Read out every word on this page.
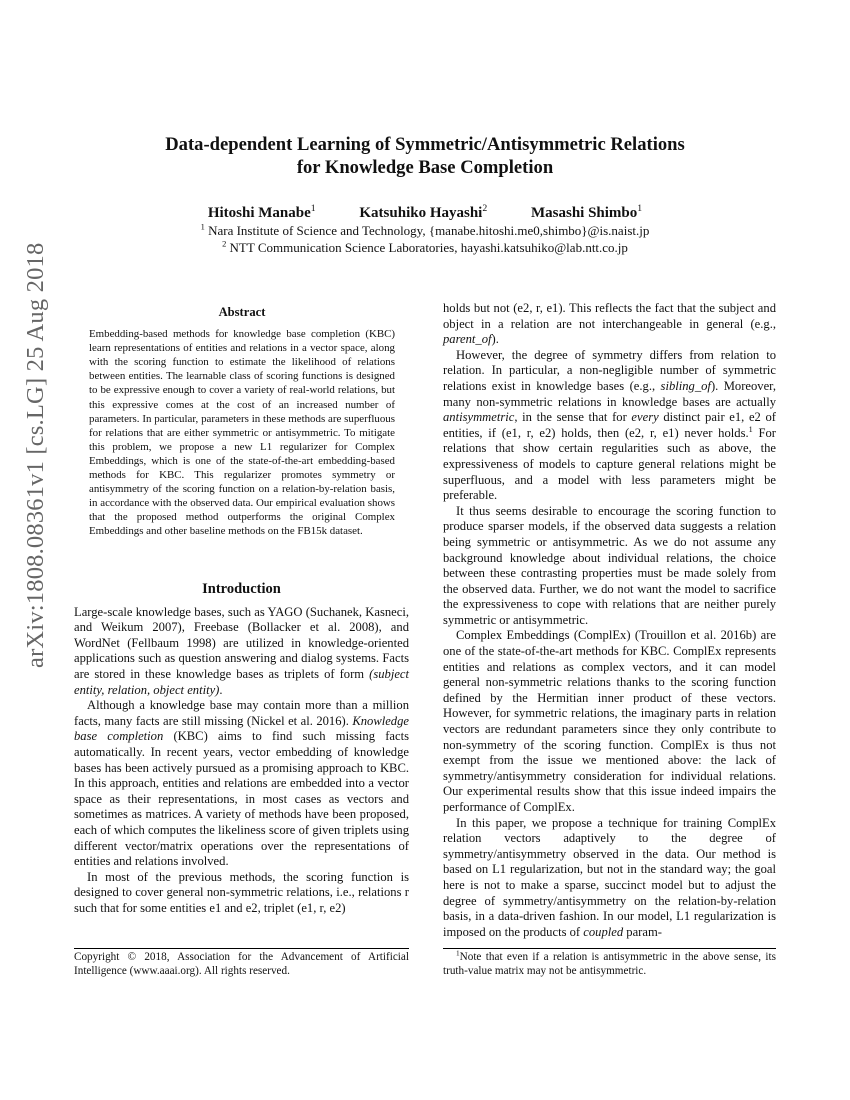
arXiv:1808.08361v1 [cs.LG] 25 Aug 2018
Data-dependent Learning of Symmetric/Antisymmetric Relations
for Knowledge Base Completion
Hitoshi Manabe$^1$	Katsuhiko Hayashi$^2$	Masashi Shimbo$^1$
$^1$ Nara Institute of Science and Technology, {manabe.hitoshi.me0,shimbo}@is.naist.jp
$^2$ NTT Communication Science Laboratories, hayashi.katsuhiko@lab.ntt.co.jp
Abstract
Embedding-based methods for knowledge base completion (KBC) learn representations of entities and relations in a vector space, along with the scoring function to estimate the likelihood of relations between entities. The learnable class of scoring functions is designed to be expressive enough to cover a variety of real-world relations, but this expressive comes at the cost of an increased number of parameters. In particular, parameters in these methods are superfluous for relations that are either symmetric or antisymmetric. To mitigate this problem, we propose a new L1 regularizer for Complex Embeddings, which is one of the state-of-the-art embedding-based methods for KBC. This regularizer promotes symmetry or antisymmetry of the scoring function on a relation-by-relation basis, in accordance with the observed data. Our empirical evaluation shows that the proposed method outperforms the original Complex Embeddings and other baseline methods on the FB15k dataset.
Introduction

Large-scale knowledge bases, such as YAGO (Suchanek, Kasneci, and Weikum 2007), Freebase (Bollacker et al. 2008), and WordNet (Fellbaum 1998) are utilized in knowledge-oriented applications such as question answering and dialog systems. Facts are stored in these knowledge bases as triplets of form (subject entity, relation, object entity).

Although a knowledge base may contain more than a million facts, many facts are still missing (Nickel et al. 2016). Knowledge base completion (KBC) aims to find such missing facts automatically. In recent years, vector embedding of knowledge bases has been actively pursued as a promising approach to KBC. In this approach, entities and relations are embedded into a vector space as their representations, in most cases as vectors and sometimes as matrices. A variety of methods have been proposed, each of which computes the likeliness score of given triplets using different vector/matrix operations over the representations of entities and relations involved.

In most of the previous methods, the scoring function is designed to cover general non-symmetric relations, i.e., relations r such that for some entities e1 and e2, triplet (e1, r, e2)

holds but not (e2, r, e1). This reflects the fact that the subject and object in a relation are not interchangeable in general (e.g., parent_of).

However, the degree of symmetry differs from relation to relation. In particular, a non-negligible number of symmetric relations exist in knowledge bases (e.g., sibling_of). Moreover, many non-symmetric relations in knowledge bases are actually antisymmetric, in the sense that for every distinct pair e1, e2 of entities, if (e1, r, e2) holds, then (e2, r, e1) never holds.$^1$ For relations that show certain regularities such as above, the expressiveness of models to capture general relations might be superfluous, and a model with less parameters might be preferable.

It thus seems desirable to encourage the scoring function to produce sparser models, if the observed data suggests a relation being symmetric or antisymmetric. As we do not assume any background knowledge about individual relations, the choice between these contrasting properties must be made solely from the observed data. Further, we do not want the model to sacrifice the expressiveness to cope with relations that are neither purely symmetric or antisymmetric.

Complex Embeddings (ComplEx) (Trouillon et al. 2016b) are one of the state-of-the-art methods for KBC. ComplEx represents entities and relations as complex vectors, and it can model general non-symmetric relations thanks to the scoring function defined by the Hermitian inner product of these vectors. However, for symmetric relations, the imaginary parts in relation vectors are redundant parameters since they only contribute to non-symmetry of the scoring function. ComplEx is thus not exempt from the issue we mentioned above: the lack of symmetry/antisymmetry consideration for individual relations. Our experimental results show that this issue indeed impairs the performance of ComplEx.

In this paper, we propose a technique for training ComplEx relation vectors adaptively to the degree of symmetry/antisymmetry observed in the data. Our method is based on L1 regularization, but not in the standard way; the goal here is not to make a sparse, succinct model but to adjust the degree of symmetry/antisymmetry on the relation-by-relation basis, in a data-driven fashion. In our model, L1 regularization is imposed on the products of coupled param-

Copyright © 2018, Association for the Advancement of Artificial Intelligence (www.aaai.org). All rights reserved.

$^1$Note that even if a relation is antisymmetric in the above sense, its truth-value matrix may not be antisymmetric.
